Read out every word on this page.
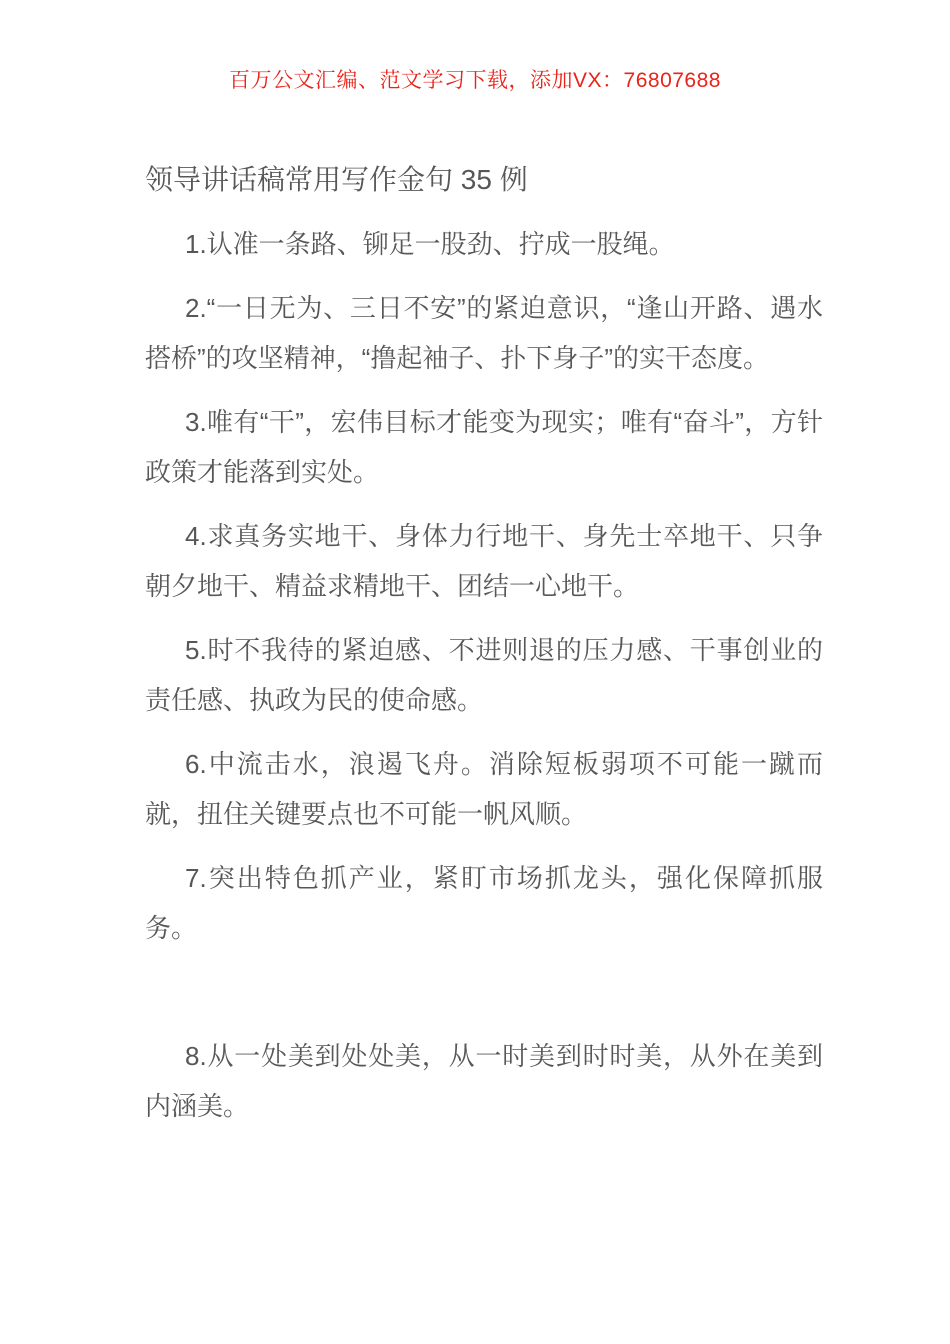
百万公文汇编、范文学习下载，添加VX：76807688
领导讲话稿常用写作金句 35 例

1.认准一条路、铆足一股劲、拧成一股绳。

2.“一日无为、三日不安”的紧迫意识，“逢山开路、遇水搭桥”的攻坚精神，“撸起袖子、扑下身子”的实干态度。

3.唯有“干”，宏伟目标才能变为现实；唯有“奋斗”，方针政策才能落到实处。

4.求真务实地干、身体力行地干、身先士卒地干、只争朝夕地干、精益求精地干、团结一心地干。

5.时不我待的紧迫感、不进则退的压力感、干事创业的责任感、执政为民的使命感。

6.中流击水，浪遏飞舟。消除短板弱项不可能一蹴而就，扭住关键要点也不可能一帆风顺。

7.突出特色抓产业，紧盯市场抓龙头，强化保障抓服务。

8.从一处美到处处美，从一时美到时时美，从外在美到内涵美。
